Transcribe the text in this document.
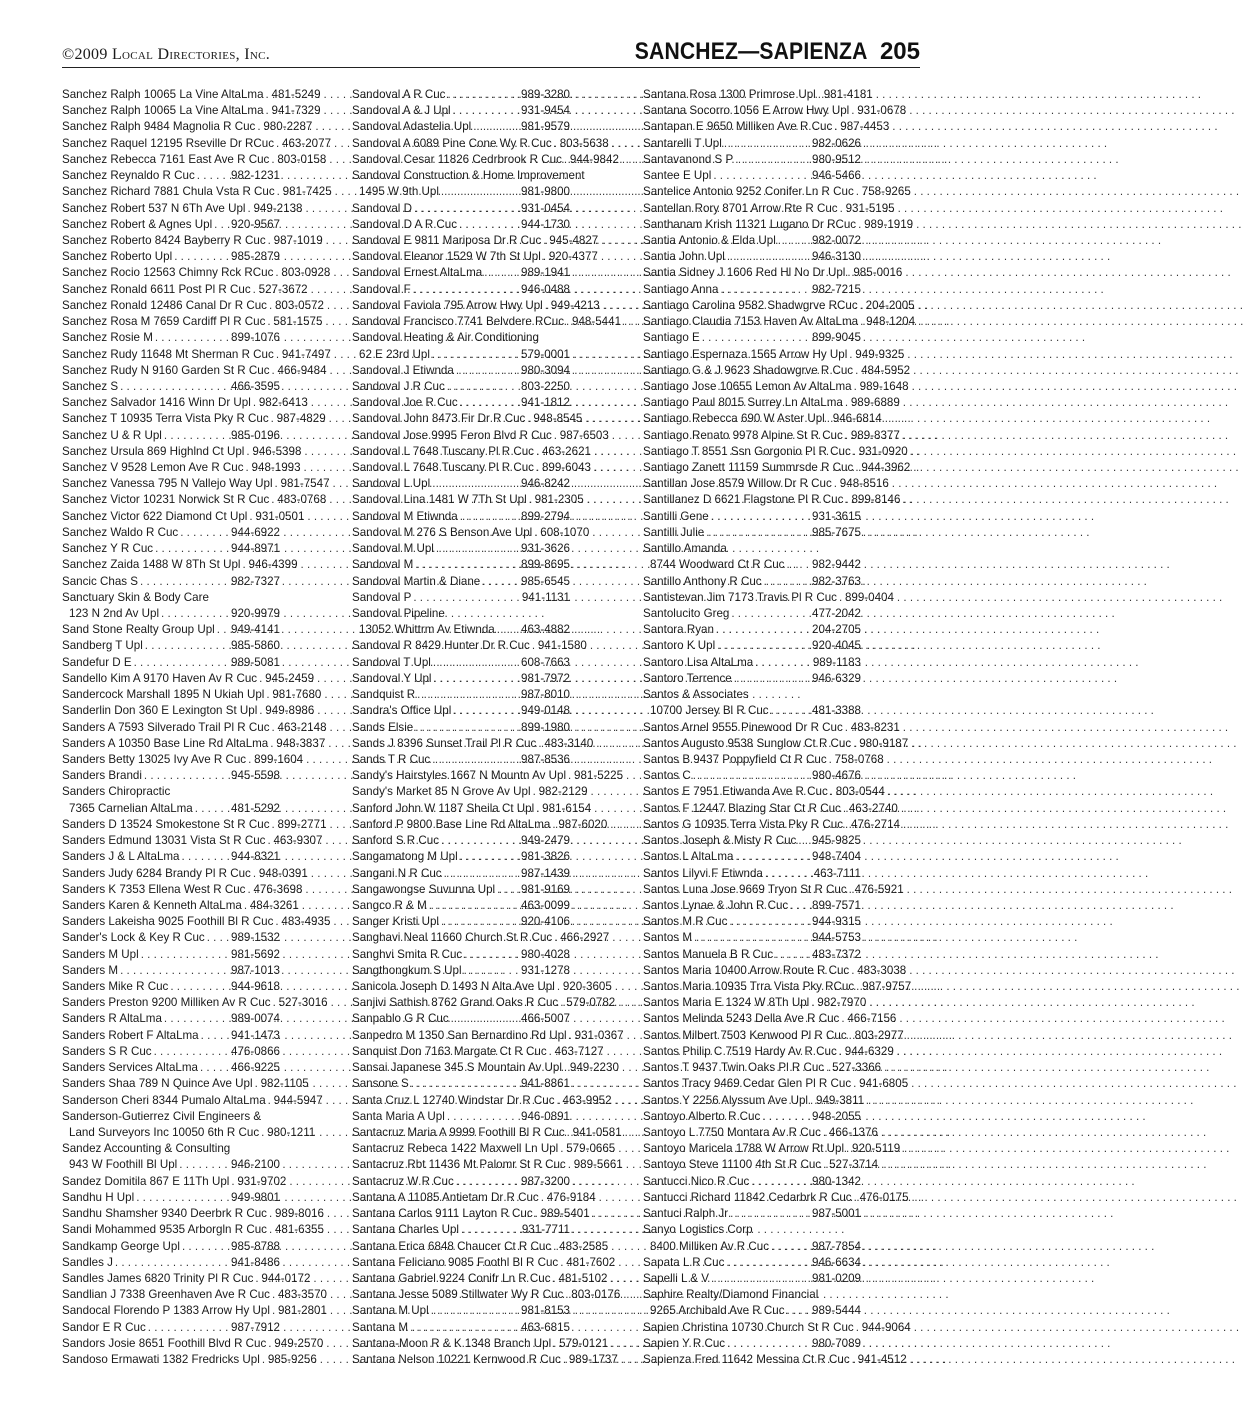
©2009 Local Directories, Inc.	SANCHEZ—SAPIENZA 205
Sanchez Ralph 10065 La Vine AltaLma . . . 481-5249
Sanchez Ralph 10065 La Vine AltaLma . . . 941-7329
Sanchez Ralph 9484 Magnolia R Cuc . . . 980-2287
Sanchez Raquel 12195 Rseville Dr RCuc . . . 463-2077
Sanchez Rebecca 7161 East Ave R Cuc . . . 803-0158
Sanchez Reynaldo R Cuc . . .	982-1231
Sanchez Richard 7881 Chula Vsta R Cuc . . . 981-7425
Sanchez Robert 537 N 6Th Ave Upl . . . 949-2138
Sanchez Robert & Agnes Upl . . . 920-9567
Sanchez Roberto 8424 Bayberry R Cuc . . . 987-1019
Sanchez Roberto Upl . . .	985-2879
Sanchez Rocio 12563 Chimny Rck RCuc . . . 803-0928
Sanchez Ronald 6611 Post Pl R Cuc . . . 527-3672
Sanchez Ronald 12486 Canal Dr R Cuc . . . 803-0572
Sanchez Rosa M 7659 Cardiff Pl R Cuc . . . 581-1575
Sanchez Rosie M . . .	899-1076
Sanchez Rudy 11648 Mt Sherman R Cuc . . . 941-7497
Sanchez Rudy N 9160 Garden St R Cuc . . . 466-9484
Sanchez S . . .	466-3595
Sanchez Salvador 1416 Winn Dr Upl . . . 982-6413
Sanchez T 10935 Terra Vista Pky R Cuc . . . 987-4829
Sanchez U & R Upl . . .	985-0196
Sanchez Ursula 869 Highlnd Ct Upl . . . 946-5398
Sanchez V 9528 Lemon Ave R Cuc . . . 948-1993
Sanchez Vanessa 795 N Vallejo Way Upl . . . 981-7547
Sanchez Victor 10231 Norwick St R Cuc . . . 483-0768
Sanchez Victor 622 Diamond Ct Upl . . . 931-0501
Sanchez Waldo R Cuc . . .	944-6922
Sanchez Y R Cuc . . .	944-8971
Sanchez Zaida 1488 W 8Th St Upl . . . 946-4399
Sancic Chas S . . .	982-7327
Sanctuary Skin & Body Care
123 N 2nd Av Upl . . .	920-9979
Sand Stone Realty Group Upl . . . 949-4141
Sandberg T Upl . . .	985-5860
Sandefur D E . . .	989-5081
Sandello Kim A 9170 Haven Av R Cuc . . . 945-2459
Sandercock Marshall 1895 N Ukiah Upl . . . 981-7680
Sanderlin Don 360 E Lexington St Upl . . . 949-8986
Sanders A 7593 Silverado Trail Pl R Cuc . . . 463-2148
Sanders A 10350 Base Line Rd AltaLma . . . 948-3837
Sanders Betty 13025 Ivy Ave R Cuc . . . 899-1604
Sanders Brandi . . .	945-5598
Sanders Chiropractic
7365 Carnelian AltaLma . . .	481-5292
Sanders D 13524 Smokestone St R Cuc . . . 899-2771
Sanders Edmund 13031 Vista St R Cuc . . . 463-9307
Sanders J & L AltaLma . . .	944-8321
Sanders Judy 6284 Brandy Pl R Cuc . . . 948-0391
Sanders K 7353 Ellena West R Cuc . . . 476-3698
Sanders Karen & Kenneth AltaLma . . . 484-3261
Sanders Lakeisha 9025 Foothill Bl R Cuc . . . 483-4935
Sander's Lock & Key R Cuc . . . 989-1532
Sanders M Upl . . .	981-5692
Sanders M . . .	987-1013
Sanders Mike R Cuc . . .	944-9618
Sanders Preston 9200 Milliken Av R Cuc . . . 527-3016
Sanders R AltaLma . . .	989-0074
Sanders Robert F AltaLma . . .	941-1473
Sanders S R Cuc . . .	476-0866
Sanders Services AltaLma . . .	466-9225
Sanders Shaa 789 N Quince Ave Upl . . . 982-1105
Sanderson Cheri 8344 Pumalo AltaLma . . . 944-5947
Sanderson-Gutierrez Civil Engineers &
Land Surveyors Inc 10050 6th R Cuc . . . 980-1211
Sandez Accounting & Consulting
943 W Foothill Bl Upl . . .	946-2100
Sandez Domitila 867 E 11Th Upl . . . 931-9702
Sandhu H Upl . . .	949-9801
Sandhu Shamsher 9340 Deerbrk R Cuc . . . 989-8016
Sandi Mohammed 9535 Arborgln R Cuc . . . 481-6355
Sandkamp George Upl . . .	985-8788
Sandles J . . .	941-8486
Sandles James 6820 Trinity Pl R Cuc . . . 944-0172
Sandlian J 7338 Greenhaven Ave R Cuc . . . 483-3570
Sandocal Florendo P 1383 Arrow Hy Upl . . . 981-2801
Sandor E R Cuc . . .	987-7912
Sandors Josie 8651 Foothill Blvd R Cuc . . . 949-2570
Sandoso Ermawati 1382 Fredricks Upl . . . 985-9256
Sandoval A R Cuc . . .	989-3280
Sandoval A & J Upl . . .	931-9454
Sandoval Adastelia Upl . . .	981-9579
Sandoval A 6089 Pine Cone Wy R Cuc . . . 803-5638
Sandoval Cesar 11826 Cedrbrook R Cuc . . . 944-9842
Sandoval Construction & Home Improvement
1495 W 9th Upl . . .	981-9800
Sandoval D . . .	931-0454
Sandoval D A R Cuc . . .	944-1730
Sandoval E 9811 Mariposa Dr R Cuc . . . 945-4827
Sandoval Eleanor 1529 W 7th St Upl . . . 920-4377
Sandoval Ernest AltaLma . . .	989-1941
Sandoval F . . .	946-0488
Sandoval Faviola 795 Arrow Hwy Upl . . . 949-4213
Sandoval Francisco 7741 Belvdere RCuc . . . 948-5441
Sandoval Heating & Air Conditioning
62 E 23rd Upl . . .	579-0001
Sandoval J Etiwnda . . .	980-3094
Sandoval J R Cuc . . .	803-2250
Sandoval Joe R Cuc . . .	941-1812
Sandoval John 8473 Fir Dr R Cuc . . . 948-8545
Sandoval Jose 9995 Feron Blvd R Cuc . . . 987-6503
Sandoval L 7648 Tuscany Pl R Cuc . . . 463-2621
Sandoval L 7648 Tuscany Pl R Cuc . . . 899-6043
Sandoval L Upl . . .	946-8242
Sandoval Lina 1481 W 7Th St Upl . . . 981-2305
Sandoval M Etiwnda . . .	899-2794
Sandoval M 276 S Benson Ave Upl . . . 608-1070
Sandoval M Upl . . .	931-3626
Sandoval M . . .	899-8695
Sandoval Martin & Diane . . .	985-6545
Sandoval P . . .	941-1131
Sandoval Pipeline
13052 Whittrm Av Etiwnda . . . 463-4882
Sandoval R 8429 Hunter Dr R Cuc . . . 941-1580
Sandoval T Upl . . .	608-7663
Sandoval Y Upl . . .	981-7972
Sandquist R . . .	987-8010
Sandra's Office Upl . . .	949-0148
Sands Elsie . . .	899-1980
Sands J 8396 Sunset Trail Pl R Cuc . . . 483-3140
Sands T R Cuc . . .	987-8536
Sandy's Hairstyles 1667 N Mountn Av Upl . . . 981-5225
Sandy's Market 85 N Grove Av Upl . . . 982-2129
Sanford John W 1187 Sheila Ct Upl . . . 981-6154
Sanford P 9800 Base Line Rd AltaLma . . . 987-6020
Sanford S R Cuc . . .	949-2479
Sangamatong M Upl . . .	981-3826
Sangani N R Cuc . . .	987-1439
Sangawongse Suvunna Upl . . . 981-9169
Sangco R & M . . .	463-0099
Sanger Kristi Upl . . .	920-4106
Sanghavi Neal 11660 Church St R Cuc . . . 466-2927
Sanghvi Smita R Cuc . . .	980-4028
Sangthongkum S Upl . . .	931-1278
Sanicola Joseph D 1493 N Alta Ave Upl . . . 920-3605
Sanjivi Sathish 8762 Grand Oaks R Cuc . . . 579-0782
Sanpablo G R Cuc . . .	466-5007
Sanpedro M 1350 San Bernardino Rd Upl . . . 931-0367
Sanquist Don 7163 Margate Ct R Cuc . . . 463-7127
Sansai Japanese 345 S Mountain Av Upl . . . 949-2230
Sansone S . . .	941-8861
Santa Cruz L 12740 Windstar Dr R Cuc . . . 463-9952
Santa Maria A Upl . . .	946-0891
Santacruz Maria A 9999 Foothill Bl R Cuc . . . 941-0581
Santacruz Rebeca 1422 Maxwell Ln Upl . . . 579-0665
Santacruz Rbt 11436 Mt Palomr St R Cuc . . . 989-5661
Santacruz W R Cuc . . .	987-3200
Santana A 11085 Antietam Dr R Cuc . . . 476-9184
Santana Carlos 9111 Layton R Cuc . . . 989-5401
Santana Charles Upl . . .	931-7711
Santana Erica 6848 Chaucer Ct R Cuc . . . 483-2585
Santana Feliciano 9085 Foothl Bl R Cuc . . . 481-7602
Santana Gabriel 9224 Conifr Ln R Cuc . . . 481-5102
Santana Jesse 5089 Stillwater Wy R Cuc . . . 803-0176
Santana M Upl . . .	981-8153
Santana M . . .	463-6815
Santana-Moon R & K 1348 Branch Upl . . . 579-0121
Santana Nelson 10221 Kernwood R Cuc . . . 989-1737
Santana Rosa 1300 Primrose Upl . . . 981-4181
Santana Socorro 1056 E Arrow Hwy Upl . . . 931-0678
Santapan E 9650 Milliken Ave R Cuc . . . 987-4453
Santarelli T Upl . . .	982-0626
Santavanond S P . . .	980-9512
Santee E Upl . . .	946-5466
Santelice Antonio 9252 Conifer Ln R Cuc . . . 758-9265
Santellan Rory 8701 Arrow Rte R Cuc . . . 931-5195
Santhanam Krish 11321 Lugano Dr RCuc . . . 989-1919
Santia Antonio & Elda Upl . . .	982-0072
Santia John Upl . . .	946-3130
Santia Sidney J 1606 Red Hl No Dr Upl . . . 985-0016
Santiago Anna . . .	982-7215
Santiago Carolina 9582 Shadwgrve RCuc . . . 204-2005
Santiago Claudia 7153 Haven Av AltaLma . . . 948-1204
Santiago E . . .	899-9045
Santiago Espernaza 1565 Arrow Hy Upl . . . 949-9325
Santiago G & J 9623 Shadowgrve R Cuc . . . 484-5952
Santiago Jose 10655 Lemon Av AltaLma . . . 989-1648
Santiago Paul 8015 Surrey Ln AltaLma . . . 989-6889
Santiago Rebecca 690 W Aster Upl . . . 946-6814
Santiago Renato 9978 Alpine St R Cuc . . . 989-8377
Santiago T 8551 Ssn Gorgonio Pl R Cuc . . . 931-0920
Santiago Zanett 11159 Summrsde R Cuc . . . 944-3962
Santillan Jose 8579 Willow Dr R Cuc . . . 948-8516
Santillanez D 6621 Flagstone Pl R Cuc . . . 899-8146
Santilli Gene . . .	931-3615
Santilli Julie . . .	985-7675
Santillo Amanda
8744 Woodward Ct R Cuc . . . 982-9442
Santillo Anthony R Cuc . . .	982-3763
Santistevan Jim 7173 Travis Pl R Cuc . . . 899-0404
Santolucito Greg . . .	477-2042
Santora Ryan . . .	204-2705
Santoro K Upl . . .	920-4045
Santoro Lisa AltaLma . . .	989-1183
Santoro Terrence . . .	946-6329
Santos & Associates
10700 Jersey Bl R Cuc . . .	481-3388
Santos Arnel 9555 Pinewood Dr R Cuc . . . 483-8231
Santos Augusto 9538 Sunglow Ct R Cuc . . . 980-9187
Santos B 9437 Poppyfield Ct R Cuc . . . 758-0768
Santos C . . .	980-4676
Santos E 7951 Etiwanda Ave R Cuc . . . 803-0544
Santos F 12447 Blazing Star Ct R Cuc . . . 463-2740
Santos G 10935 Terra Vista Pky R Cuc . . . 476-2714
Santos Joseph & Misty R Cuc . . . 945-9825
Santos L AltaLma . . .	948-7404
Santos Lilyvi F Etiwnda . . .	463-7111
Santos Luna Jose 9669 Tryon St R Cuc . . . 476-5921
Santos Lynae & John R Cuc . . . 899-7571
Santos M R Cuc . . .	944-9315
Santos M . . .	944-5753
Santos Manuela B R Cuc . . .	483-7372
Santos Maria 10400 Arrow Route R Cuc . . . 483-3038
Santos Maria 10935 Trra Vista Pky RCuc . . . 987-9757
Santos Maria E 1324 W 8Th Upl . . . 982-7970
Santos Melinda 5243 Della Ave R Cuc . . . 466-7156
Santos Milbert 7503 Kenwood Pl R Cuc . . . 803-2977
Santos Philip C 7519 Hardy Av R Cuc . . . 944-6329
Santos T 9437 Twin Oaks Pl R Cuc . . . 527-3366
Santos Tracy 9469 Cedar Glen Pl R Cuc . . . 941-6805
Santos Y 2256 Alyssum Ave Upl . . . 949-3811
Santoyo Alberto R Cuc . . .	948-2055
Santoyo L 7750 Montara Av R Cuc . . . 466-1376
Santoyo Maricela 1788 W Arrow Rt Upl . . . 920-5119
Santoyo Steve 11100 4th St R Cuc . . . 527-3714
Santucci Nico R Cuc . . .	980-1342
Santucci Richard 11842 Cedarbrk R Cuc . . . 476-0175
Santuci Ralph Jr . . .	987-5001
Sanyo Logistics Corp
8400 Milliken Av R Cuc . . .	987-7854
Sapata L R Cuc . . .	946-6634
Sapelli L & V . . .	981-0209
Saphire Realty/Diamond Financial
9265 Archibald Ave R Cuc . . . 989-5444
Sapien Christina 10730 Church St R Cuc . . . 944-9064
Sapien Y R Cuc . . .	980-7089
Sapienza Fred 11642 Messina Ct R Cuc . . . 941-4512
